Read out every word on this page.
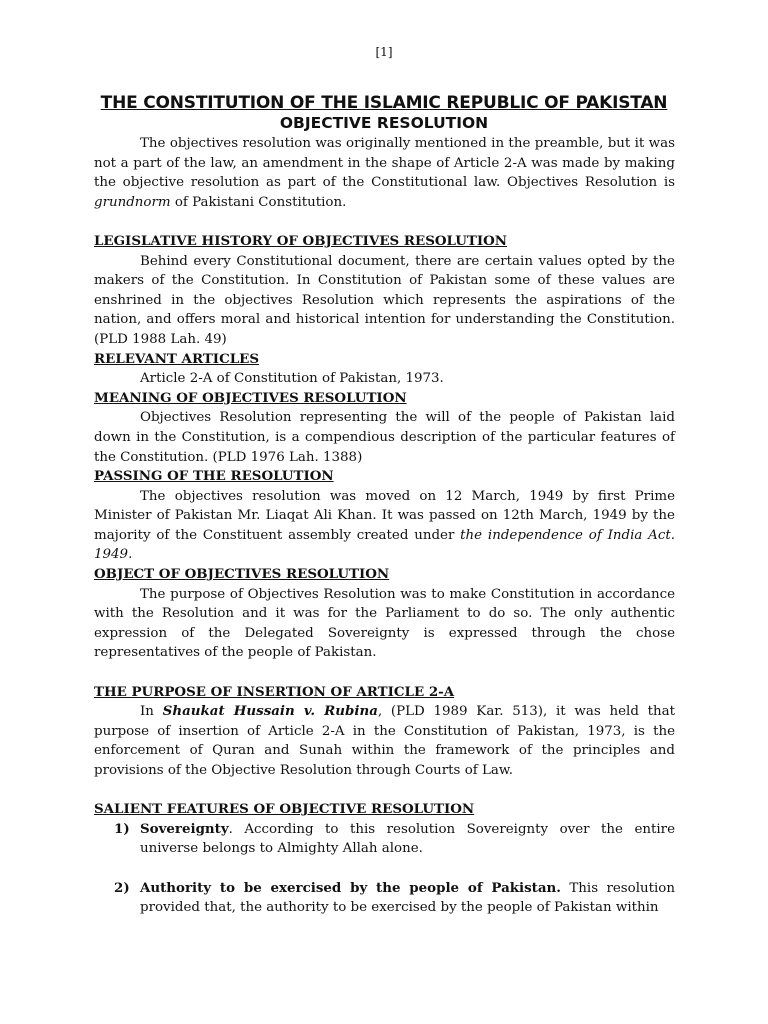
[1]
THE CONSTITUTION OF THE ISLAMIC REPUBLIC OF PAKISTAN
OBJECTIVE RESOLUTION

The objectives resolution was originally mentioned in the preamble, but it was not a part of the law, an amendment in the shape of Article 2-A was made by making the objective resolution as part of the Constitutional law. Objectives Resolution is grundnorm of Pakistani Constitution.

LEGISLATIVE HISTORY OF OBJECTIVES RESOLUTION

Behind every Constitutional document, there are certain values opted by the makers of the Constitution. In Constitution of Pakistan some of these values are enshrined in the objectives Resolution which represents the aspirations of the nation, and offers moral and historical intention for understanding the Constitution. (PLD 1988 Lah. 49)

RELEVANT ARTICLES

Article 2-A of Constitution of Pakistan, 1973.

MEANING OF OBJECTIVES RESOLUTION

Objectives Resolution representing the will of the people of Pakistan laid down in the Constitution, is a compendious description of the particular features of the Constitution. (PLD 1976 Lah. 1388)

PASSING OF THE RESOLUTION

The objectives resolution was moved on 12 March, 1949 by first Prime Minister of Pakistan Mr. Liaqat Ali Khan. It was passed on 12th March, 1949 by the majority of the Constituent assembly created under the independence of India Act. 1949.

OBJECT OF OBJECTIVES RESOLUTION

The purpose of Objectives Resolution was to make Constitution in accordance with the Resolution and it was for the Parliament to do so. The only authentic expression of the Delegated Sovereignty is expressed through the chose representatives of the people of Pakistan.

THE PURPOSE OF INSERTION OF ARTICLE 2-A

In Shaukat Hussain v. Rubina, (PLD 1989 Kar. 513), it was held that purpose of insertion of Article 2-A in the Constitution of Pakistan, 1973, is the enforcement of Quran and Sunah within the framework of the principles and provisions of the Objective Resolution through Courts of Law.

SALIENT FEATURES OF OBJECTIVE RESOLUTION
1) Sovereignty. According to this resolution Sovereignty over the entire universe belongs to Almighty Allah alone.
2) Authority to be exercised by the people of Pakistan. This resolution provided that, the authority to be exercised by the people of Pakistan within
